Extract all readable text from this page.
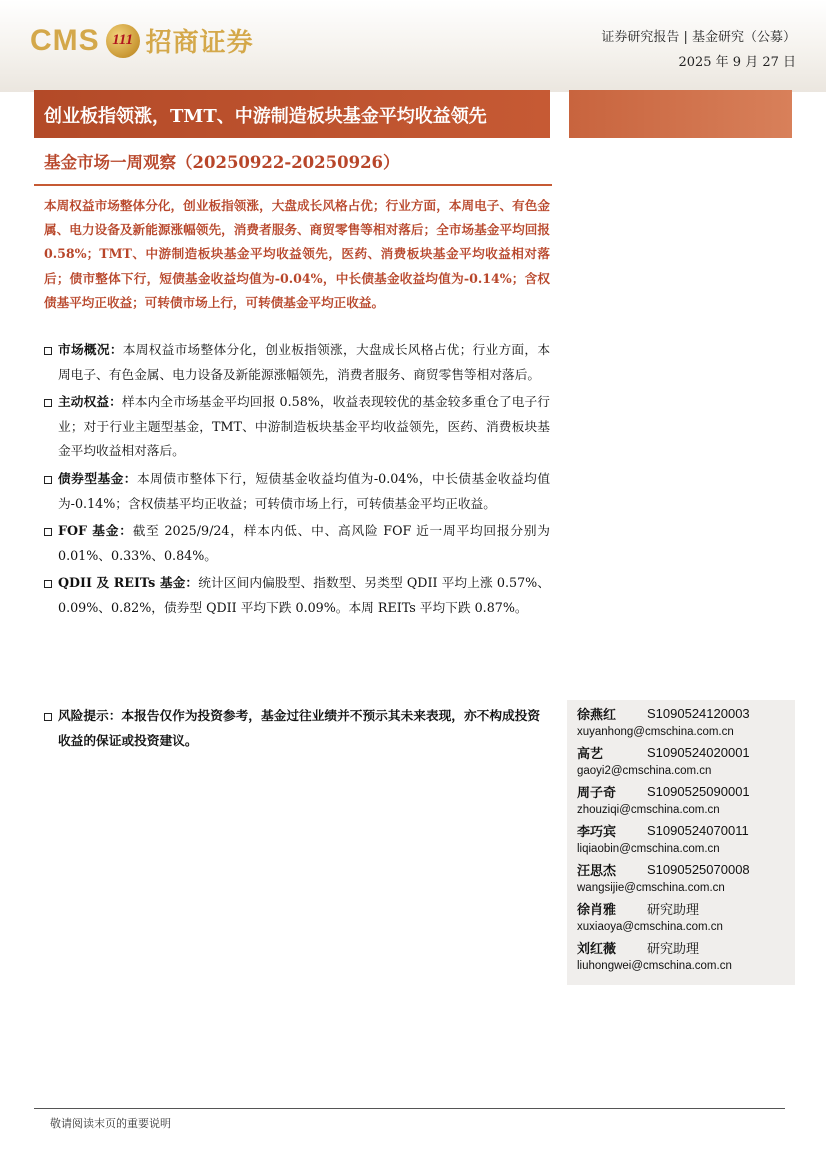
CMS 111 招商证券	证券研究报告 | 基金研究（公募）
2025 年 9 月 27 日
创业板指领涨，TMT、中游制造板块基金平均收益领先
基金市场一周观察（20250922-20250926）
本周权益市场整体分化，创业板指领涨，大盘成长风格占优；行业方面，本周电子、有色金属、电力设备及新能源涨幅领先，消费者服务、商贸零售等相对落后；全市场基金平均回报 0.58%；TMT、中游制造板块基金平均收益领先，医药、消费板块基金平均收益相对落后；债市整体下行，短债基金收益均值为-0.04%，中长债基金收益均值为-0.14%；含权债基平均正收益；可转债市场上行，可转债基金平均正收益。
市场概况：本周权益市场整体分化，创业板指领涨，大盘成长风格占优；行业方面，本周电子、有色金属、电力设备及新能源涨幅领先，消费者服务、商贸零售等相对落后。
主动权益：样本内全市场基金平均回报 0.58%，收益表现较优的基金较多重仓了电子行业；对于行业主题型基金，TMT、中游制造板块基金平均收益领先，医药、消费板块基金平均收益相对落后。
债券型基金：本周债市整体下行，短债基金收益均值为-0.04%，中长债基金收益均值为-0.14%；含权债基平均正收益；可转债市场上行，可转债基金平均正收益。
FOF 基金：截至 2025/9/24，样本内低、中、高风险 FOF 近一周平均回报分别为 0.01%、0.33%、0.84%。
QDII 及 REITs 基金：统计区间内偏股型、指数型、另类型 QDII 平均上涨 0.57%、0.09%、0.82%，债券型 QDII 平均下跌 0.09%。本周 REITs 平均下跌 0.87%。
风险提示：本报告仅作为投资参考，基金过往业绩并不预示其未来表现，亦不构成投资收益的保证或投资建议。
徐燕红	S1090524120003
xuyanhong@cmschina.com.cn
高艺	S1090524020001
gaoyi2@cmschina.com.cn
周子奇	S1090525090001
zhouziqi@cmschina.com.cn
李巧宾	S1090524070011
liqiaobin@cmschina.com.cn
汪思杰	S1090525070008
wangsijie@cmschina.com.cn
徐肖雅	研究助理
xuxiaoya@cmschina.com.cn
刘红薇	研究助理
liuhongwei@cmschina.com.cn
敬请阅读末页的重要说明
